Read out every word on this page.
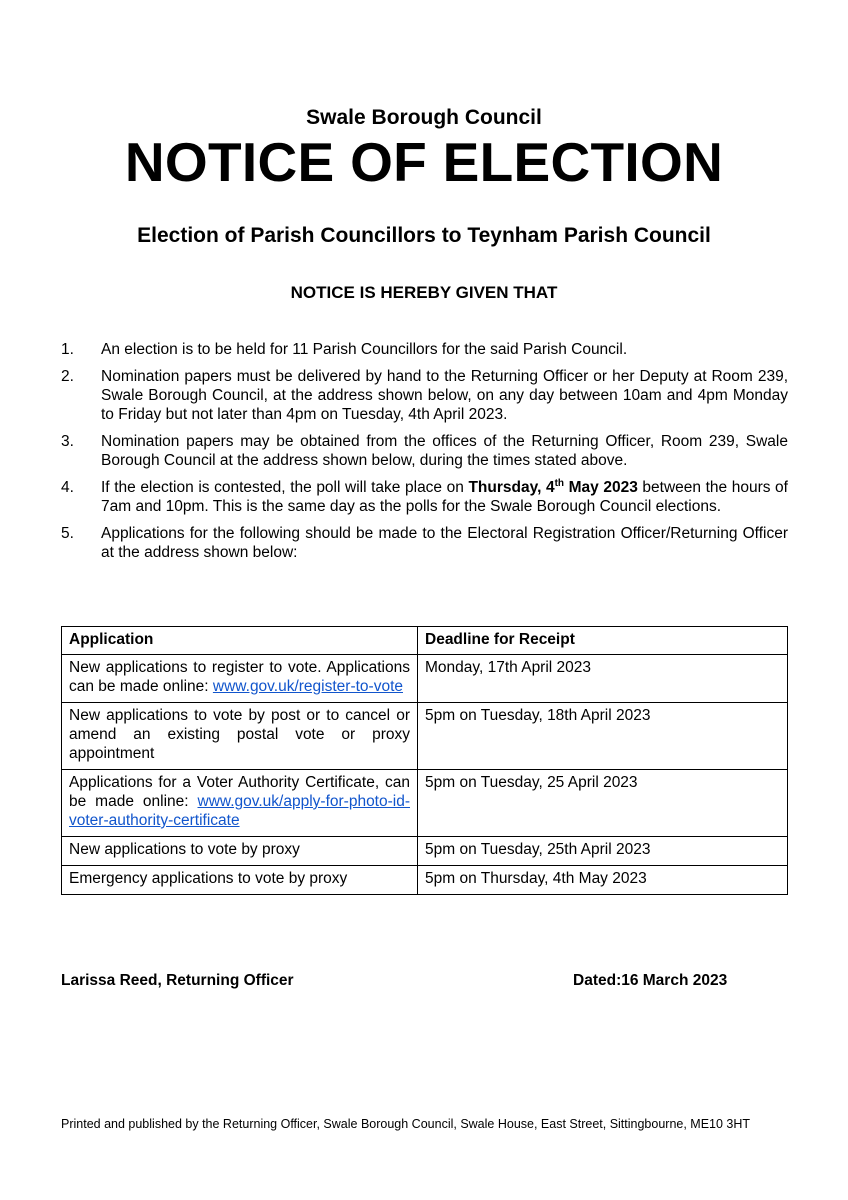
Swale Borough Council
NOTICE OF ELECTION
Election of Parish Councillors to Teynham Parish Council
NOTICE IS HEREBY GIVEN THAT
1.	An election is to be held for 11 Parish Councillors for the said Parish Council.
2.	Nomination papers must be delivered by hand to the Returning Officer or her Deputy at Room 239, Swale Borough Council, at the address shown below, on any day between 10am and 4pm Monday to Friday but not later than 4pm on Tuesday, 4th April 2023.
3.	Nomination papers may be obtained from the offices of the Returning Officer, Room 239, Swale Borough Council at the address shown below, during the times stated above.
4.	If the election is contested, the poll will take place on Thursday, 4th May 2023 between the hours of 7am and 10pm. This is the same day as the polls for the Swale Borough Council elections.
5.	Applications for the following should be made to the Electoral Registration Officer/Returning Officer at the address shown below:
Application	Deadline for Receipt
New applications to register to vote. Applications can be made online: www.gov.uk/register-to-vote	Monday, 17th April 2023
New applications to vote by post or to cancel or amend an existing postal vote or proxy appointment	5pm on Tuesday, 18th April 2023
Applications for a Voter Authority Certificate, can be made online: www.gov.uk/apply-for-photo-id-voter-authority-certificate	5pm on Tuesday, 25 April 2023
New applications to vote by proxy	5pm on Tuesday, 25th April 2023
Emergency applications to vote by proxy	5pm on Thursday, 4th May 2023
Larissa Reed, Returning Officer	Dated:16 March 2023
Printed and published by the Returning Officer, Swale Borough Council, Swale House, East Street, Sittingbourne, ME10 3HT
